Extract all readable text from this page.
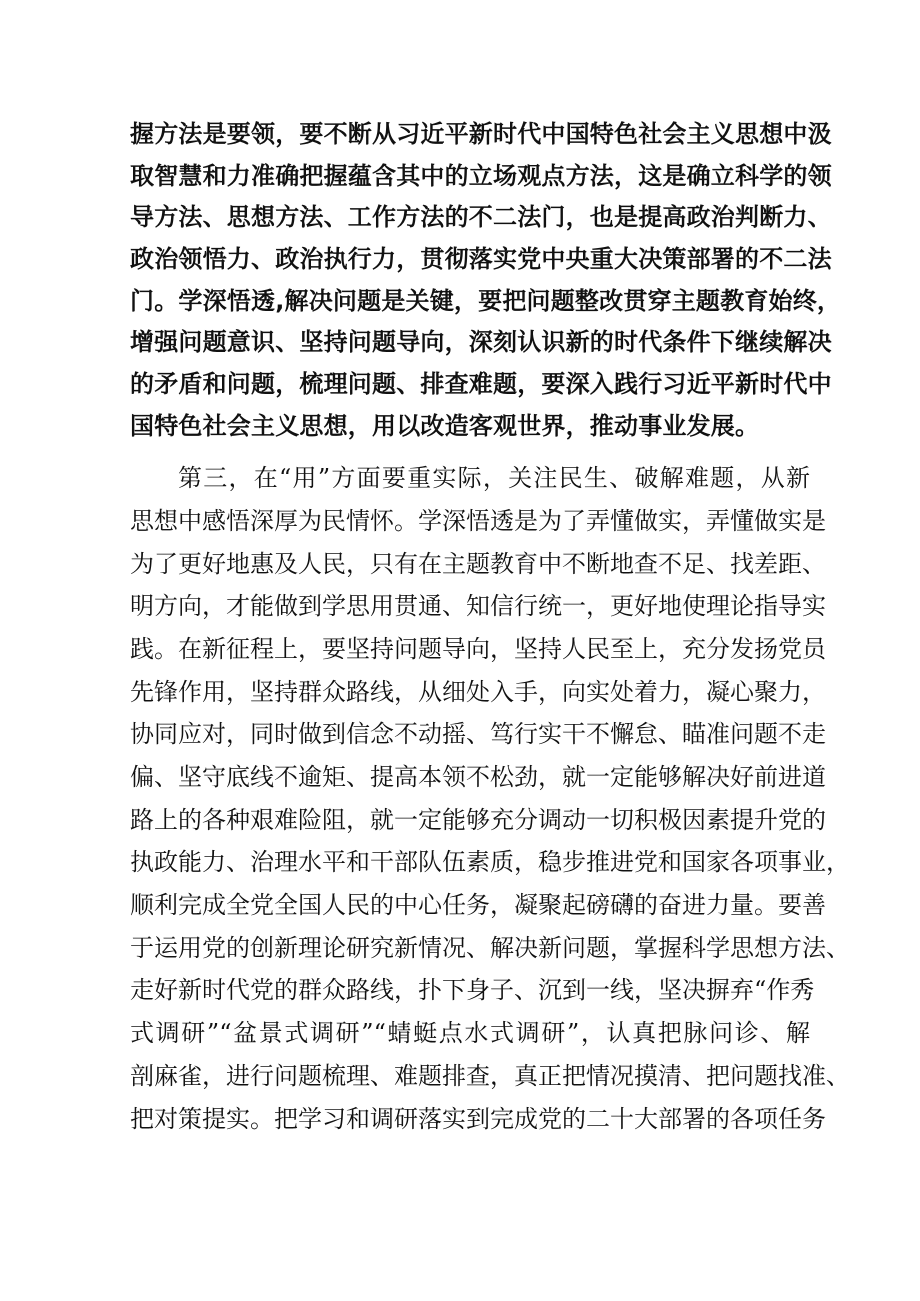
握方法是要领，要不断从习近平新时代中国特色社会主义思想中汲
取智慧和力准确把握蕴含其中的立场观点方法，这是确立科学的领
导方法、思想方法、工作方法的不二法门，也是提高政治判断力、
政治领悟力、政治执行力，贯彻落实党中央重大决策部署的不二法
门。学深悟透,解决问题是关键，要把问题整改贯穿主题教育始终，
增强问题意识、坚持问题导向，深刻认识新的时代条件下继续解决
的矛盾和问题，梳理问题、排查难题，要深入践行习近平新时代中
国特色社会主义思想，用以改造客观世界，推动事业发展。
第三，在“用”方面要重实际，关注民生、破解难题，从新
思想中感悟深厚为民情怀。学深悟透是为了弄懂做实，弄懂做实是
为了更好地惠及人民，只有在主题教育中不断地查不足、找差距、
明方向，才能做到学思用贯通、知信行统一，更好地使理论指导实
践。在新征程上，要坚持问题导向，坚持人民至上，充分发扬党员
先锋作用，坚持群众路线，从细处入手，向实处着力，凝心聚力，
协同应对，同时做到信念不动摇、笃行实干不懈怠、瞄准问题不走
偏、坚守底线不逾矩、提高本领不松劲，就一定能够解决好前进道
路上的各种艰难险阻，就一定能够充分调动一切积极因素提升党的
执政能力、治理水平和干部队伍素质，稳步推进党和国家各项事业，
顺利完成全党全国人民的中心任务，凝聚起磅礴的奋进力量。要善
于运用党的创新理论研究新情况、解决新问题，掌握科学思想方法、
走好新时代党的群众路线，扑下身子、沉到一线，坚决摒弃“作秀
式调研”“盆景式调研”“蜻蜓点水式调研”，认真把脉问诊、解
剖麻雀，进行问题梳理、难题排查，真正把情况摸清、把问题找准、
把对策提实。把学习和调研落实到完成党的二十大部署的各项任务
